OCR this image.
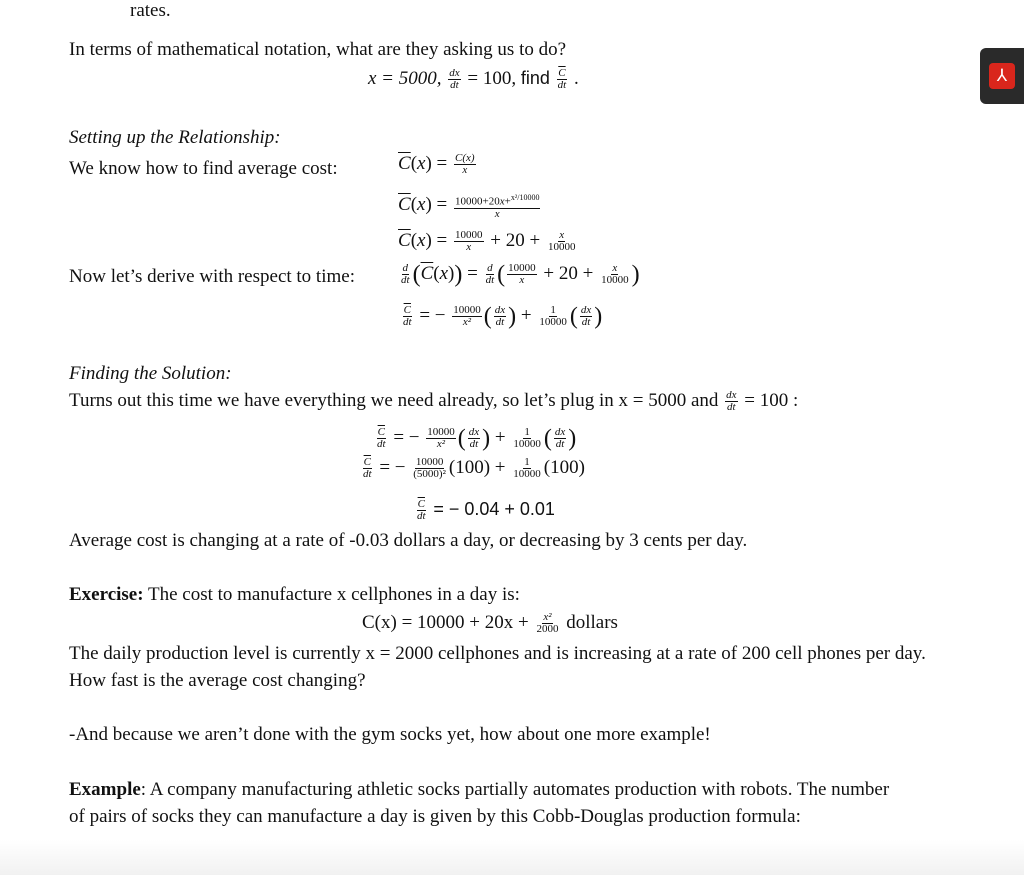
rates.
In terms of mathematical notation, what are they asking us to do?
x = 5000, $\frac{dx}{dt} = 100$, find $\frac{\overline{C}}{dt}$ .
Setting up the Relationship:
We know how to find average cost:	$\overline{C}(x) = \frac{C(x)}{x}$
$\overline{C}(x) = \frac{10000+20x+^{x^2/10000}}{x}$
$\overline{C}(x) = \frac{10000}{x} + 20 + \frac{x}{10000}$
Now let’s derive with respect to time:	$\frac{d}{dt} (\overline{C}(x)) = \frac{d}{dt}$ ( $\frac{10000}{x} + 20 + \frac{x}{10000}$ )
$\frac{\overline{C}}{dt}$ = − $\frac{10000}{\text{x²}}$ ( $\frac{dx}{dt}$ ) + $\frac{1}{10000}$ ( $\frac{dx}{dt}$ )
Finding the Solution:
Turns out this time we have everything we need already, so let’s plug in x = 5000 and $\frac{dx}{dt} = 100$ :
$\frac{\overline{C}}{dt}$ = − $\frac{10000}{\text{x²}}$ ( $\frac{dx}{dt}$ ) + $\frac{1}{10000}$ ( $\frac{dx}{dt}$ )
$\frac{\overline{C}}{dt}$ = − $\frac{10000}{\text{(5000)²}} (100) + \frac{1}{10000} (100)$
$\frac{\overline{C}}{dt}$ = − 0.04 + 0.01
Average cost is changing at a rate of -0.03 dollars a day, or decreasing by 3 cents per day.
Exercise: The cost to manufacture x cellphones in a day is:
$C(x) = 10000 + 20x + \frac{\text{x²}}{2000}$ dollars
The daily production level is currently x = 2000 cellphones and is increasing at a rate of 200 cell phones per day.
How fast is the average cost changing?
-And because we aren’t done with the gym socks yet, how about one more example!
Example: A company manufacturing athletic socks partially automates production with robots. The number
of pairs of socks they can manufacture a day is given by this Cobb-Douglas production formula:
⅄
